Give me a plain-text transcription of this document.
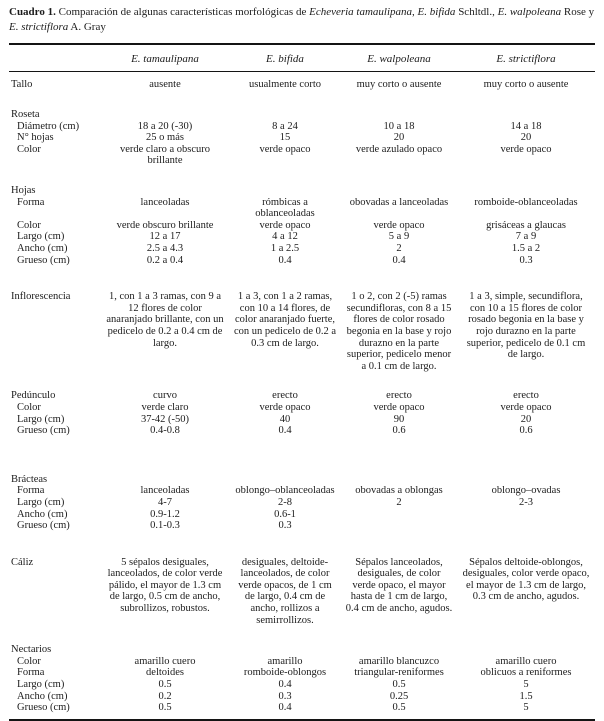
Cuadro 1. Comparación de algunas características morfológicas de Echeveria tamaulipana, E. bifida Schltdl., E. walpoleana Rose y E. strictiflora A. Gray

	E. tamaulipana	E. bifida	E. walpoleana	E. strictiflora
Tallo	ausente	usualmente corto	muy corto o ausente	muy corto o ausente

Roseta				
Diámetro (cm)	18 a 20 (-30)	8 a 24	10 a 18	14 a 18
N° hojas	25 o más	15	20	20
Color	verde claro a obscuro brillante	verde opaco	verde azulado opaco	verde opaco

Hojas				
Forma	lanceoladas	rómbicas a oblanceoladas	obovadas a lanceoladas	romboide-oblanceoladas
Color	verde obscuro brillante	verde opaco	verde opaco	grisáceas a glaucas
Largo (cm)	12 a 17	4 a 12	5 a 9	7 a 9
Ancho (cm)	2.5 a 4.3	1 a 2.5	2	1.5 a 2
Grueso (cm)	0.2 a 0.4	0.4	0.4	0.3

Inflorescencia	1, con 1 a 3 ramas, con 9 a 12 flores de color anaranjado brillante, con un pedicelo de 0.2 a 0.4 cm de largo.	1 a 3, con 1 a 2 ramas, con 10 a 14 flores, de color anaranjado fuerte, con un pedicelo de 0.2 a 0.3 cm de largo.	1 o 2, con 2 (-5) ramas secundifloras, con 8 a 15 flores de color rosado begonia en la base y rojo durazno en la parte superior, pedicelo menor a 0.1 cm de largo.	1 a 3, simple, secundiflora, con 10 a 15 flores de color rosado begonia en la base y rojo durazno en la parte superior, pedicelo de 0.1 cm de largo.

Pedúnculo	curvo	erecto	erecto	erecto
Color	verde claro	verde opaco	verde opaco	verde opaco
Largo (cm)	37-42 (-50)	40	90	20
Grueso (cm)	0.4-0.8	0.4	0.6	0.6

Brácteas				
Forma	lanceoladas	oblongo–oblanceoladas	obovadas a oblongas	oblongo–ovadas
Largo (cm)	4-7	2-8	2	2-3
Ancho (cm)	0.9-1.2	0.6-1		
Grueso (cm)	0.1-0.3	0.3		

Cáliz	5 sépalos desiguales, lanceolados, de color verde pálido, el mayor de 1.3 cm de largo, 0.5 cm de ancho, subrollizos, robustos.	desiguales, deltoide-lanceolados, de color verde opacos, de 1 cm de largo, 0.4 cm de ancho, rollizos a semirrollizos.	Sépalos lanceolados, desiguales, de color verde opaco, el mayor hasta de 1 cm de largo, 0.4 cm de ancho, agudos.	Sépalos deltoide-oblongos, desiguales, color verde opaco, el mayor de 1.3 cm de largo, 0.3 cm de ancho, agudos.

Nectarios				
Color	amarillo cuero	amarillo	amarillo blancuzco	amarillo cuero
Forma	deltoides	romboide-oblongos	triangular-reniformes	oblicuos a reniformes
Largo (cm)	0.5	0.4	0.5	5
Ancho (cm)	0.2	0.3	0.25	1.5
Grueso (cm)	0.5	0.4	0.5	5
